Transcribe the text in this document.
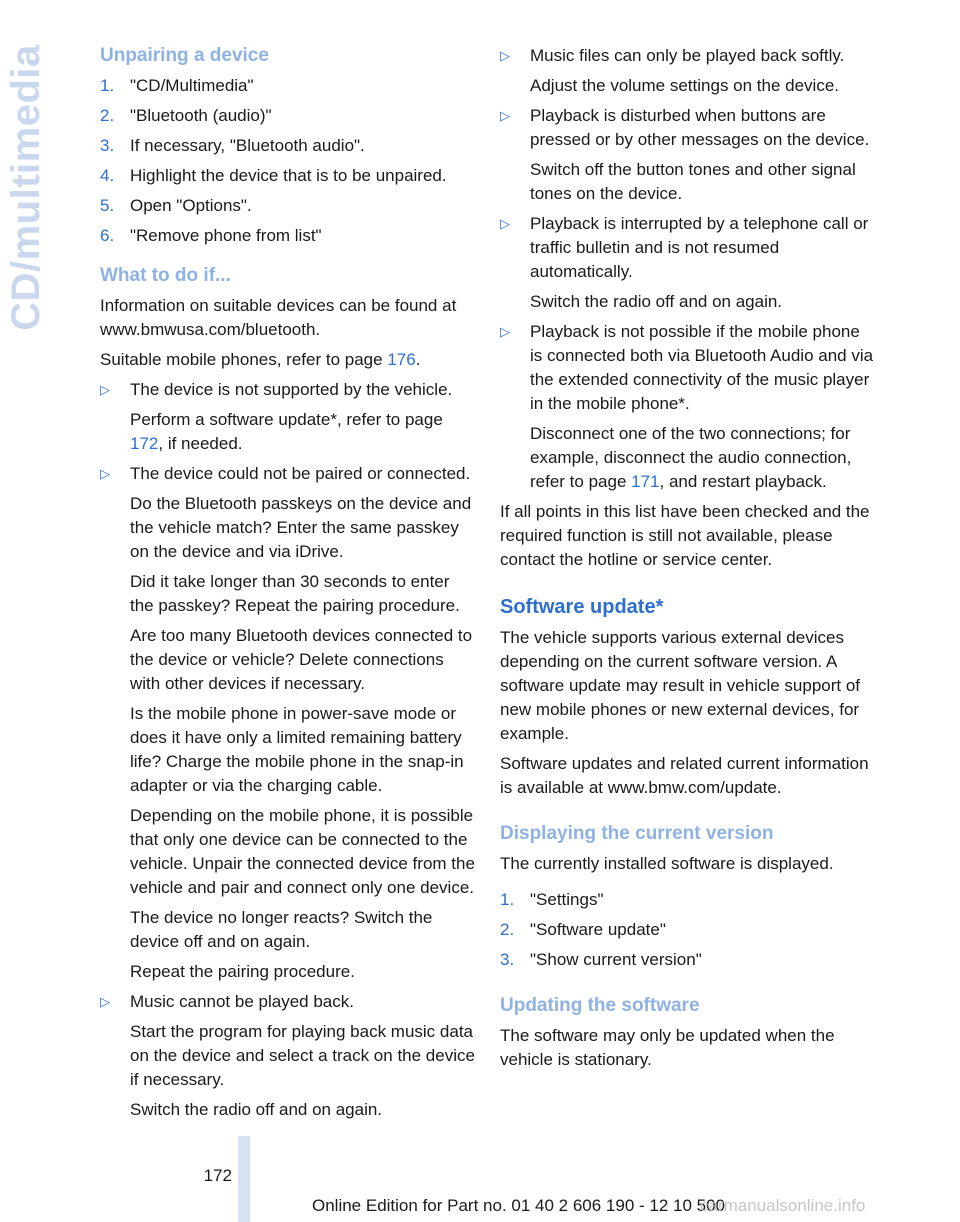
CD/multimedia	Unpairing a device
1. "CD/Multimedia"
2. "Bluetooth (audio)"
3. If necessary, "Bluetooth audio".
4. Highlight the device that is to be unpaired.
5. Open "Options".
6. "Remove phone from list"
What to do if...
Information on suitable devices can be found at www.bmwusa.com/bluetooth.
Suitable mobile phones, refer to page 176.
▷	The device is not supported by the vehicle.
Perform a software update*, refer to page 172, if needed.
▷	The device could not be paired or connected.
Do the Bluetooth passkeys on the device and the vehicle match? Enter the same passkey on the device and via iDrive.
Did it take longer than 30 seconds to enter the passkey? Repeat the pairing procedure.
Are too many Bluetooth devices connected to the device or vehicle? Delete connections with other devices if necessary.
Is the mobile phone in power-save mode or does it have only a limited remaining battery life? Charge the mobile phone in the snap-in adapter or via the charging cable.
Depending on the mobile phone, it is possible that only one device can be connected to the vehicle. Unpair the connected device from the vehicle and pair and connect only one device.
The device no longer reacts? Switch the device off and on again.
Repeat the pairing procedure.
▷	Music cannot be played back.
Start the program for playing back music data on the device and select a track on the device if necessary.
Switch the radio off and on again.
▷	Music files can only be played back softly.
Adjust the volume settings on the device.
▷	Playback is disturbed when buttons are pressed or by other messages on the device.
Switch off the button tones and other signal tones on the device.
▷	Playback is interrupted by a telephone call or traffic bulletin and is not resumed automatically.
Switch the radio off and on again.
▷	Playback is not possible if the mobile phone is connected both via Bluetooth Audio and via the extended connectivity of the music player in the mobile phone*.
Disconnect one of the two connections; for example, disconnect the audio connection, refer to page 171, and restart playback.
If all points in this list have been checked and the required function is still not available, please contact the hotline or service center.
Software update*
The vehicle supports various external devices depending on the current software version. A software update may result in vehicle support of new mobile phones or new external devices, for example.
Software updates and related current information is available at www.bmw.com/update.
Displaying the current version
The currently installed software is displayed.
1. "Settings"
2. "Software update"
3. "Show current version"
Updating the software
The software may only be updated when the vehicle is stationary.
172
Online Edition for Part no. 01 40 2 606 190 - 12 10 500
carmanualsonline.info
